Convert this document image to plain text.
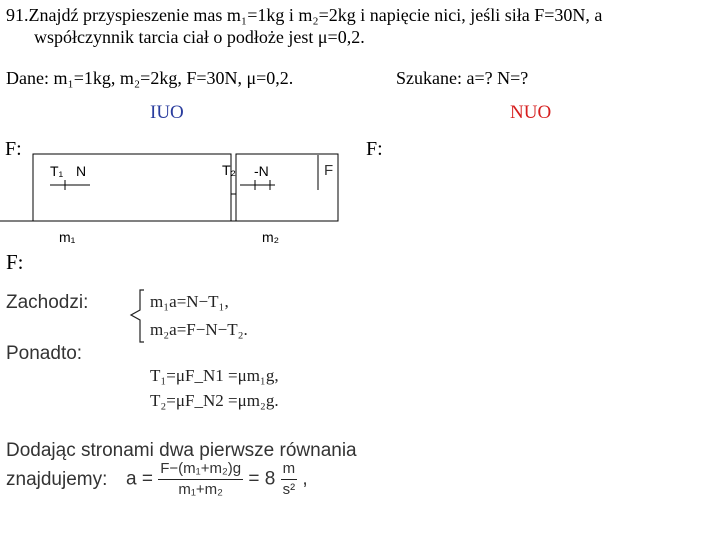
91.Znajdź przyspieszenie mas m₁=1kg i m₂=2kg i napięcie nici, jeśli siła F=30N, a
współczynnik tarcia ciał o podłoże jest μ=0,2.
Dane: m₁=1kg, m₂=2kg, F=30N, μ=0,2.	Szukane: a=? N=?
IUO	NUO
F:	F:
F:
T₁ N	T₂ -N	F
m₁	m₂
Zachodzi:	m₁a=N−T₁,
m₂a=F−N−T₂.
Ponadto:
T₁=μF_N1 =μm₁g,
T₂=μF_N2 =μm₂g.
Dodając stronami dwa pierwsze równania
znajdujemy: $a = \frac{\text{F−(m₁+m₂)g}}{\text{m₁+m₂}} = 8 \frac{m}{\text{s²}}$ ,
